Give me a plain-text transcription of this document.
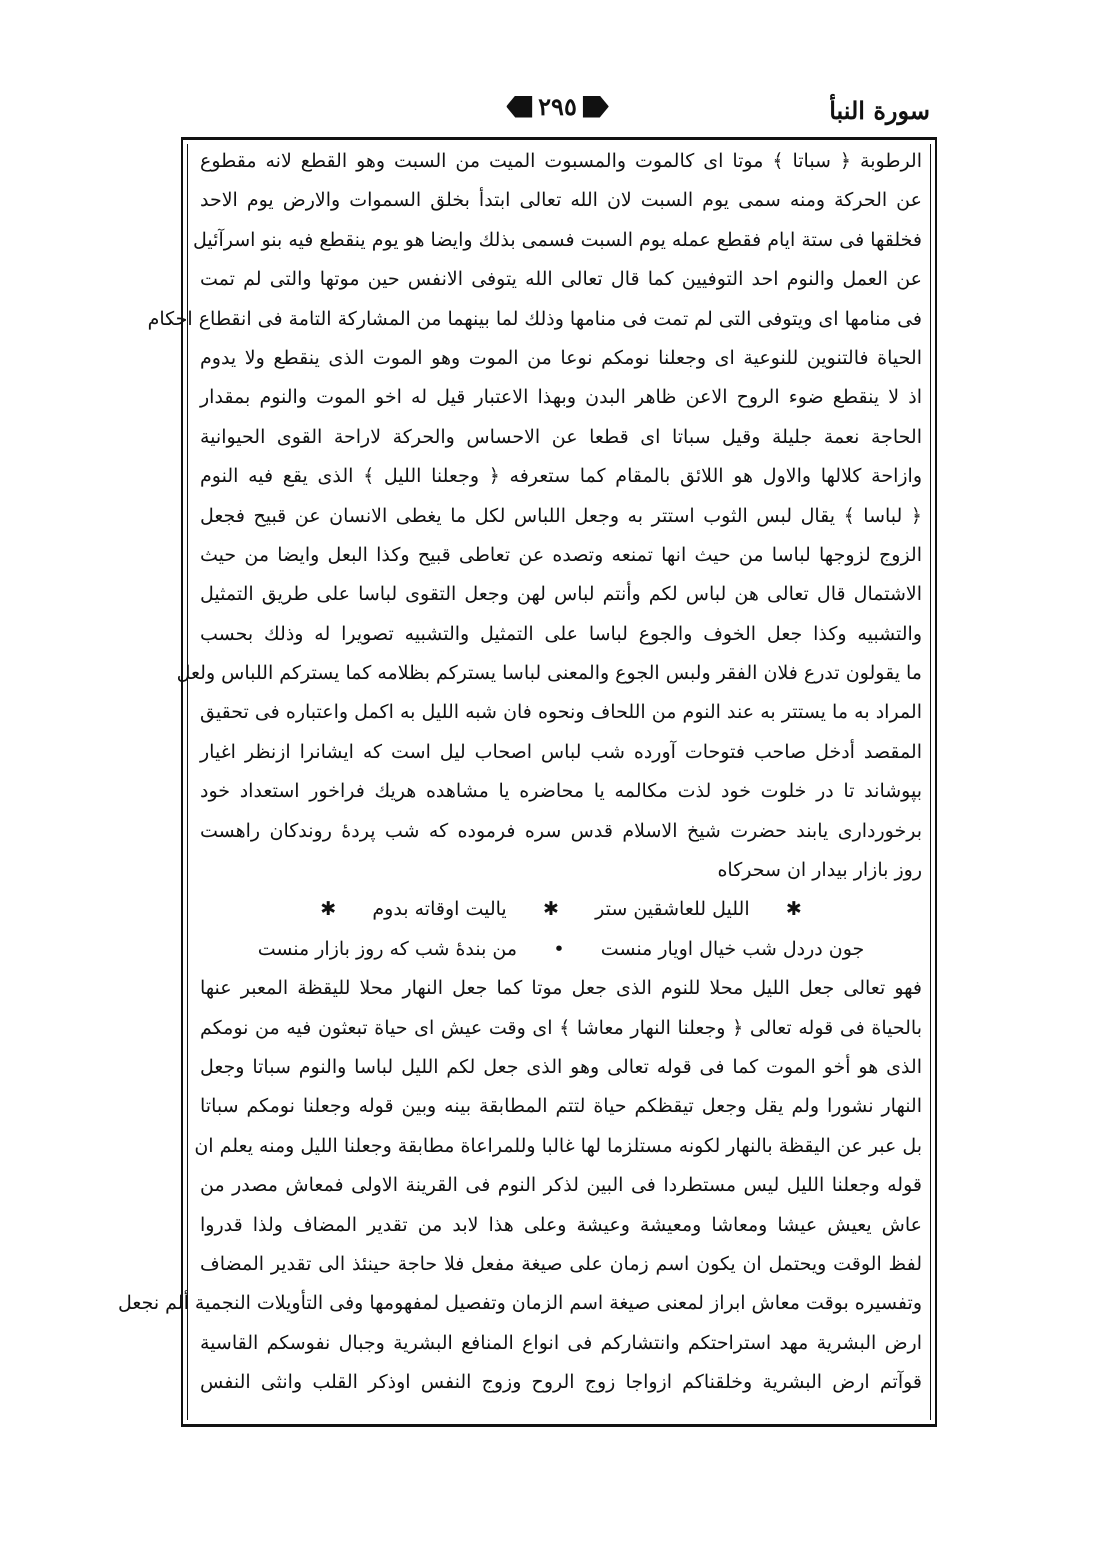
سورة النبأ
٢٩٥
الرطوبة ﴿ سباتا ﴾ موتا اى كالموت والمسبوت الميت من السبت وهو القطع لانه مقطوع
عن الحركة ومنه سمى يوم السبت لان الله تعالى ابتدأ بخلق السموات والارض يوم الاحد
فخلقها فى ستة ايام فقطع عمله يوم السبت فسمى بذلك وايضا هو يوم ينقطع فيه بنو اسرآئيل
عن العمل والنوم احد التوفيين كما قال تعالى الله يتوفى الانفس حين موتها والتى لم تمت
فى منامها اى ويتوفى التى لم تمت فى منامها وذلك لما بينهما من المشاركة التامة فى انقطاع احكام
الحياة فالتنوين للنوعية اى وجعلنا نومكم نوعا من الموت وهو الموت الذى ينقطع ولا يدوم
اذ لا ينقطع ضوء الروح الاعن ظاهر البدن وبهذا الاعتبار قيل له اخو الموت والنوم بمقدار
الحاجة نعمة جليلة وقيل سباتا اى قطعا عن الاحساس والحركة لاراحة القوى الحيوانية
وازاحة كلالها والاول هو اللائق بالمقام كما ستعرفه ﴿ وجعلنا الليل ﴾ الذى يقع فيه النوم
﴿ لباسا ﴾ يقال لبس الثوب استتر به وجعل اللباس لكل ما يغطى الانسان عن قبيح فجعل
الزوج لزوجها لباسا من حيث انها تمنعه وتصده عن تعاطى قبيح وكذا البعل وايضا من حيث
الاشتمال قال تعالى هن لباس لكم وأنتم لباس لهن وجعل التقوى لباسا على طريق التمثيل
والتشبيه وكذا جعل الخوف والجوع لباسا على التمثيل والتشبيه تصويرا له وذلك بحسب
ما يقولون تدرع فلان الفقر ولبس الجوع والمعنى لباسا يستركم بظلامه كما يستركم اللباس ولعل
المراد به ما يستتر به عند النوم من اللحاف ونحوه فان شبه الليل به اكمل واعتباره فى تحقيق
المقصد أدخل صاحب فتوحات آورده شب لباس اصحاب ليل است كه ايشانرا ازنظر اغيار
بپوشاند تا در خلوت خود لذت مكالمه يا محاضره يا مشاهده هريك فراخور استعداد خود
برخوردارى يابند حضرت شيخ الاسلام قدس سره فرموده كه شب پردهٔ روندكان راهست
روز بازار بيدار ان سحركاه
✱      الليل للعاشقين ستر      ✱      ياليت اوقاته بدوم      ✱
جون دردل شب خيال اويار منست      •      من بندهٔ شب كه روز بازار منست
فهو تعالى جعل الليل محلا للنوم الذى جعل موتا كما جعل النهار محلا لليقظة المعبر عنها
بالحياة فى قوله تعالى ﴿ وجعلنا النهار معاشا ﴾ اى وقت عيش اى حياة تبعثون فيه من نومكم
الذى هو أخو الموت كما فى قوله تعالى وهو الذى جعل لكم الليل لباسا والنوم سباتا وجعل
النهار نشورا ولم يقل وجعل تيقظكم حياة لتتم المطابقة بينه وبين قوله وجعلنا نومكم سباتا
بل عبر عن اليقظة بالنهار لكونه مستلزما لها غالبا وللمراعاة مطابقة وجعلنا الليل ومنه يعلم ان
قوله وجعلنا الليل ليس مستطردا فى البين لذكر النوم فى القرينة الاولى فمعاش مصدر من
عاش يعيش عيشا ومعاشا ومعيشة وعيشة وعلى هذا لابد من تقدير المضاف ولذا قدروا
لفظ الوقت ويحتمل ان يكون اسم زمان على صيغة مفعل فلا حاجة حينئذ الى تقدير المضاف
وتفسيره بوقت معاش ابراز لمعنى صيغة اسم الزمان وتفصيل لمفهومها وفى التأويلات النجمية ألم نجعل
ارض البشرية مهد استراحتكم وانتشاركم فى انواع المنافع البشرية وجبال نفوسكم القاسية
قوآتم ارض البشرية وخلقناكم ازواجا زوج الروح وزوج النفس اوذكر القلب وانثى النفس
